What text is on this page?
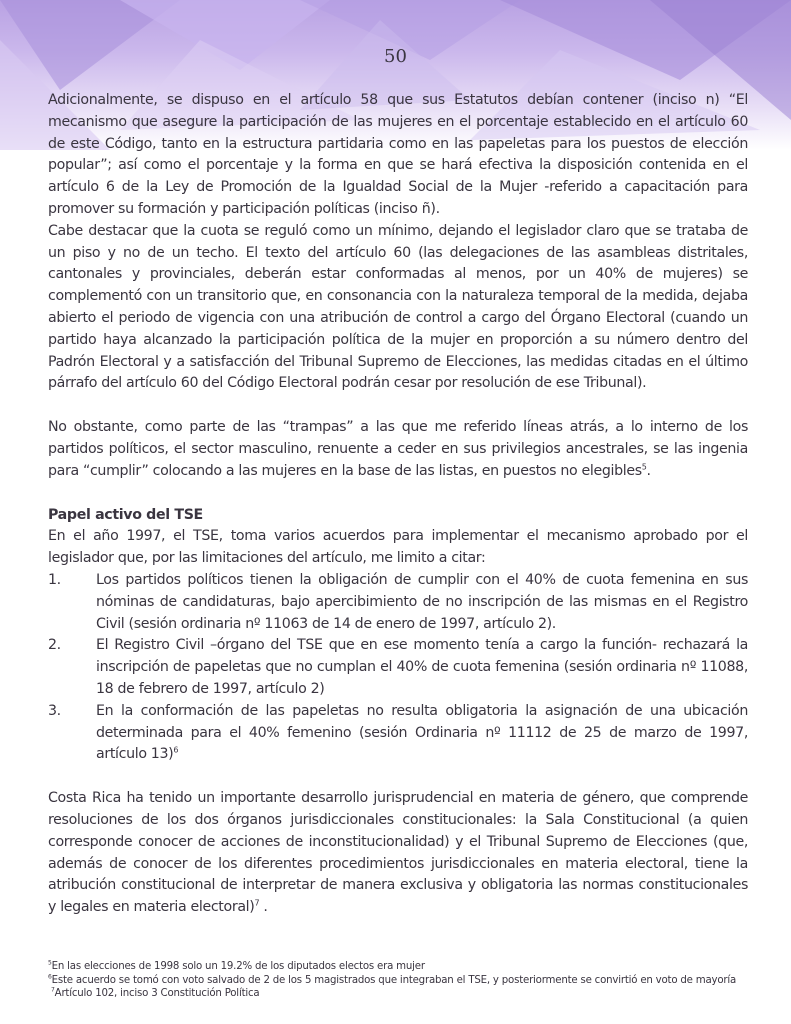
50

Adicionalmente, se dispuso en el artículo 58 que sus Estatutos debían contener (inciso n) “El mecanismo que asegure la participación de las mujeres en el porcentaje establecido en el artículo 60 de este Código, tanto en la estructura partidaria como en las papeletas para los puestos de elección popular”; así como el porcentaje y la forma en que se hará efectiva la disposición contenida en el artículo 6 de la Ley de Promoción de la Igualdad Social de la Mujer -referido a capacitación para promover su formación y participación políticas (inciso ñ).

Cabe destacar que la cuota se reguló como un mínimo, dejando el legislador claro que se trataba de un piso y no de un techo. El texto del artículo 60 (las delegaciones de las asambleas distritales, cantonales y provinciales, deberán estar conformadas al menos, por un 40% de mujeres) se complementó con un transitorio que, en consonancia con la naturaleza temporal de la medida, dejaba abierto el periodo de vigencia con una atribución de control a cargo del Órgano Electoral (cuando un partido haya alcanzado la participación política de la mujer en proporción a su número dentro del Padrón Electoral y a satisfacción del Tribunal Supremo de Elecciones, las medidas citadas en el último párrafo del artículo 60 del Código Electoral podrán cesar por resolución de ese Tribunal).

No obstante, como parte de las “trampas” a las que me referido líneas atrás, a lo interno de los partidos políticos, el sector masculino, renuente a ceder en sus privilegios ancestrales, se las ingenia para “cumplir” colocando a las mujeres en la base de las listas, en puestos no elegibles$^5$.

Papel activo del TSE

En el año 1997, el TSE, toma varios acuerdos para implementar el mecanismo aprobado por el legislador que, por las limitaciones del artículo, me limito a citar:

1.	Los partidos políticos tienen la obligación de cumplir con el 40% de cuota femenina en sus nóminas de candidaturas, bajo apercibimiento de no inscripción de las mismas en el Registro Civil (sesión ordinaria nº 11063 de 14 de enero de 1997, artículo 2).
2.	El Registro Civil –órgano del TSE que en ese momento tenía a cargo la función- rechazará la inscripción de papeletas que no cumplan el 40% de cuota femenina (sesión ordinaria nº 11088, 18 de febrero de 1997, artículo 2)
3.	En la conformación de las papeletas no resulta obligatoria la asignación de una ubicación determinada para el 40% femenino (sesión Ordinaria nº 11112 de 25 de marzo de 1997, artículo 13)$^6$

Costa Rica ha tenido un importante desarrollo jurisprudencial en materia de género, que comprende resoluciones de los dos órganos jurisdiccionales constitucionales: la Sala Constitucional (a quien corresponde conocer de acciones de inconstitucionalidad) y el Tribunal Supremo de Elecciones (que, además de conocer de los diferentes procedimientos jurisdiccionales en materia electoral, tiene la atribución constitucional de interpretar de manera exclusiva y obligatoria las normas constitucionales y legales en materia electoral)$^7$ .

$^5$En las elecciones de 1998 solo un 19.2% de los diputados electos era mujer

$^6$Este acuerdo se tomó con voto salvado de 2 de los 5 magistrados que integraban el TSE, y posteriormente se convirtió en voto de mayoría

$^7$Artículo 102, inciso 3 Constitución Política
